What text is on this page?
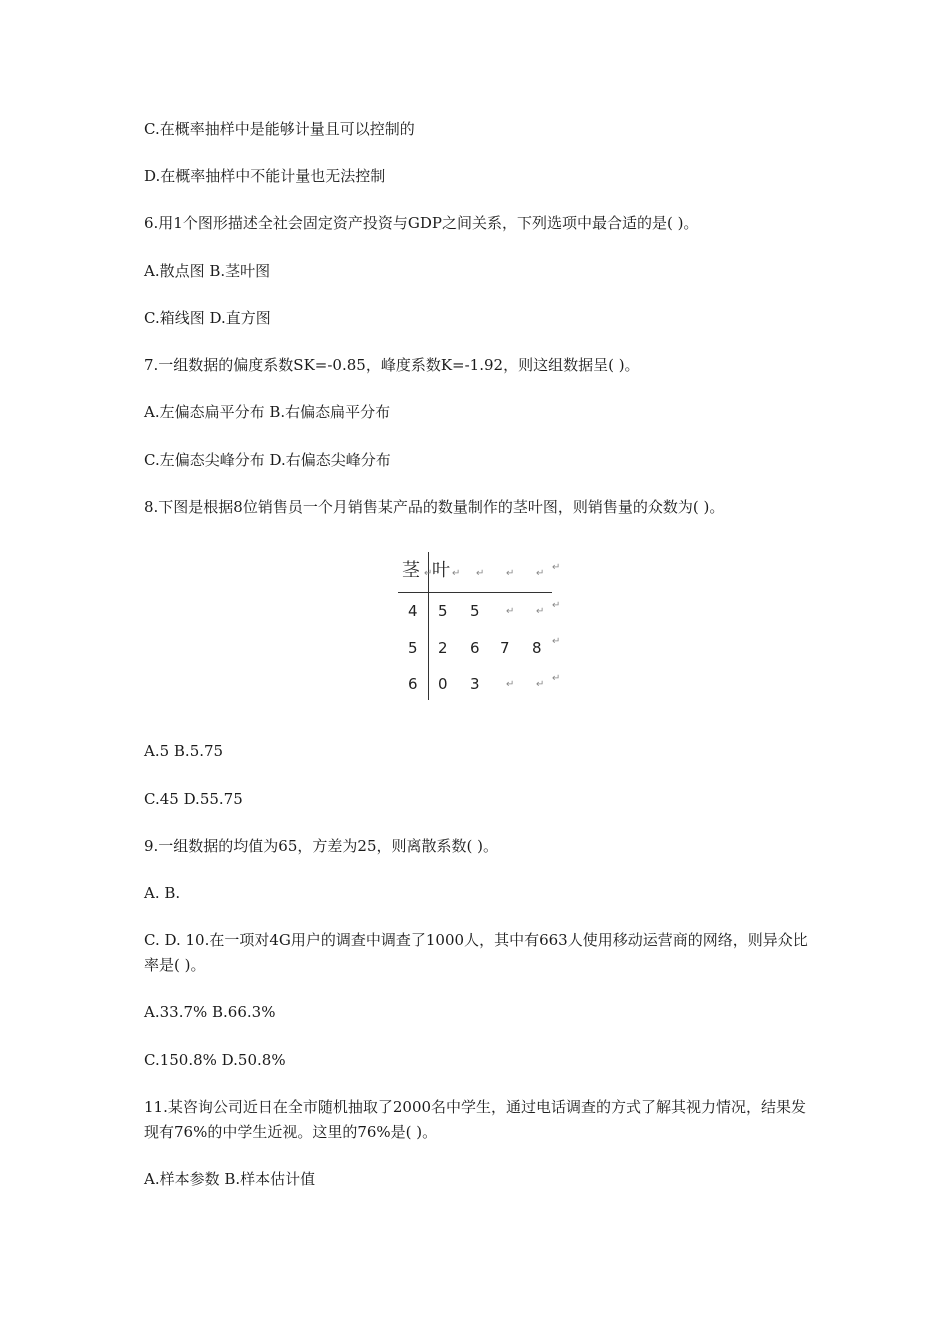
C.在概率抽样中是能够计量且可以控制的
D.在概率抽样中不能计量也无法控制
6.用1个图形描述全社会固定资产投资与GDP之间关系，下列选项中最合适的是( )。
A.散点图 B.茎叶图
C.箱线图 D.直方图
7.一组数据的偏度系数SK=-0.85，峰度系数K=-1.92，则这组数据呈( )。
A.左偏态扁平分布 B.右偏态扁平分布
C.左偏态尖峰分布 D.右偏态尖峰分布
8.下图是根据8位销售员一个月销售某产品的数量制作的茎叶图，则销售量的众数为( )。
茎 叶
↵ ↵ ↵ ↵ ↵
↵
4 5 5	↵ ↵
↵
5 2 6 7 8 ↵
6 0 3	↵ ↵
↵
A.5 B.5.75
C.45 D.55.75
9.一组数据的均值为65，方差为25，则离散系数( )。
A. B.
C. D. 10.在一项对4G用户的调查中调查了1000人，其中有663人使用移动运营商的网络，则异众比率是( )。
A.33.7% B.66.3%
C.150.8% D.50.8%
11.某咨询公司近日在全市随机抽取了2000名中学生，通过电话调查的方式了解其视力情况，结果发现有76%的中学生近视。这里的76%是( )。
A.样本参数 B.样本估计值
